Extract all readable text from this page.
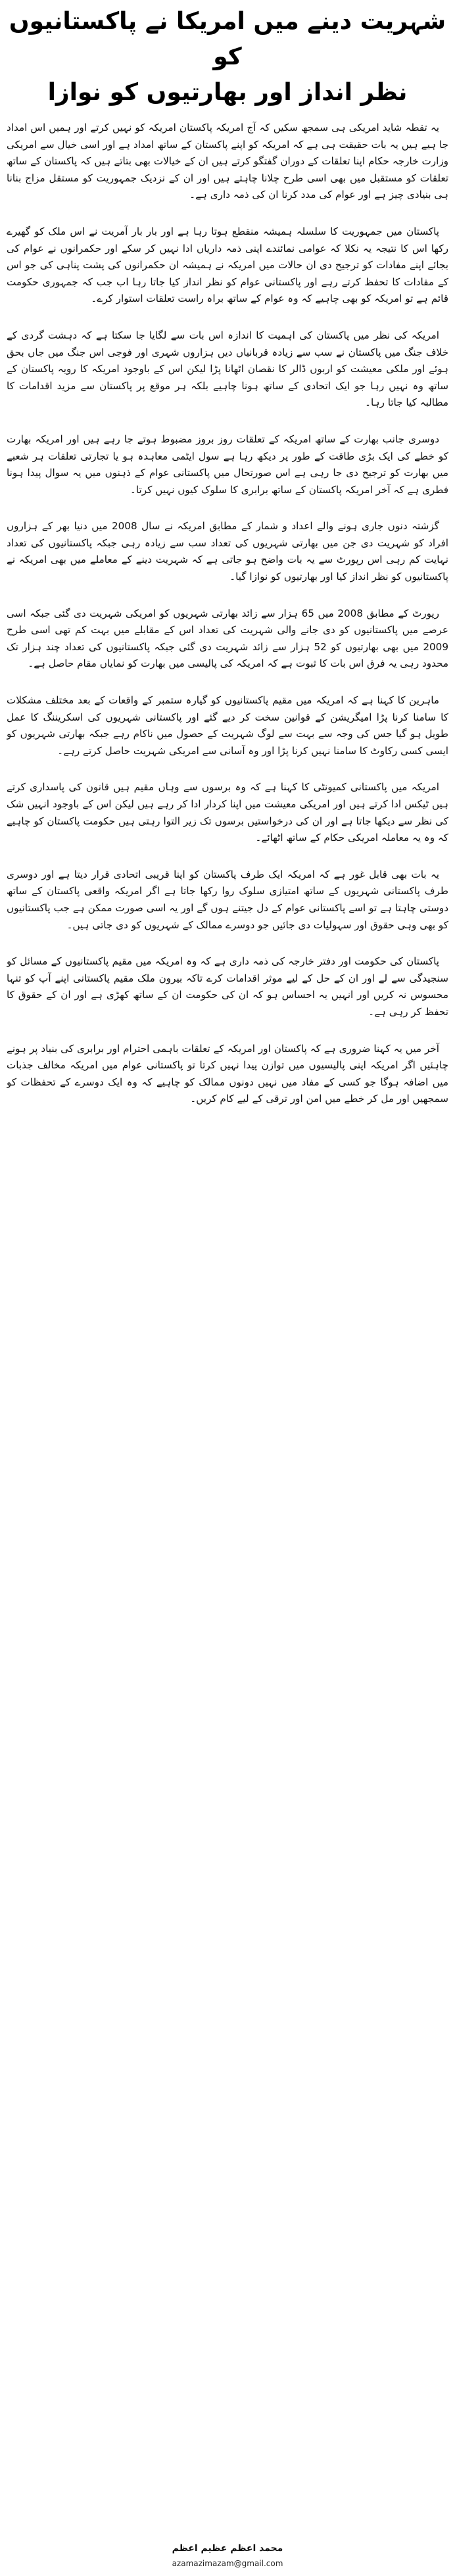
شہریت دینے میں امریکا نے پاکستانیوں کو
نظر انداز اور بھارتیوں کو نوازا

یہ تقطہ شاید امریکی ہی سمجھ سکیں کہ آج امریکہ پاکستان امریکہ کو نہیں کرتے اور ہمیں اس امداد جا ہیے ہیں یہ بات حقیقت ہی ہے کہ امریکہ کو اپنے پاکستان کے ساتھ امداد ہے اور اسی خیال سے امریکی وزارت خارجہ حکام اپنا تعلقات کے دوران گفتگو کرتے ہیں ان کے خیالات بھی بتاتے ہیں کہ پاکستان کے ساتھ تعلقات کو مستقبل میں بھی اسی طرح چلانا چاہتے ہیں اور ان کے نزدیک جمہوریت کو مستقل مزاج بنانا ہی بنیادی چیز ہے اور عوام کی مدد کرنا ان کی ذمہ داری ہے۔

پاکستان میں جمہوریت کا سلسلہ ہمیشہ منقطع ہوتا رہا ہے اور بار بار آمریت نے اس ملک کو گھیرے رکھا اس کا نتیجہ یہ نکلا کہ عوامی نمائندے اپنی ذمہ داریاں ادا نہیں کر سکے اور حکمرانوں نے عوام کی بجائے اپنے مفادات کو ترجیح دی ان حالات میں امریکہ نے ہمیشہ ان حکمرانوں کی پشت پناہی کی جو اس کے مفادات کا تحفظ کرتے رہے اور پاکستانی عوام کو نظر انداز کیا جاتا رہا اب جب کہ جمہوری حکومت قائم ہے تو امریکہ کو بھی چاہیے کہ وہ عوام کے ساتھ براہ راست تعلقات استوار کرے۔

امریکہ کی نظر میں پاکستان کی اہمیت کا اندازہ اس بات سے لگایا جا سکتا ہے کہ دہشت گردی کے خلاف جنگ میں پاکستان نے سب سے زیادہ قربانیاں دیں ہزاروں شہری اور فوجی اس جنگ میں جاں بحق ہوئے اور ملکی معیشت کو اربوں ڈالر کا نقصان اٹھانا پڑا لیکن اس کے باوجود امریکہ کا رویہ پاکستان کے ساتھ وہ نہیں رہا جو ایک اتحادی کے ساتھ ہونا چاہیے بلکہ ہر موقع پر پاکستان سے مزید اقدامات کا مطالبہ کیا جاتا رہا۔

دوسری جانب بھارت کے ساتھ امریکہ کے تعلقات روز بروز مضبوط ہوتے جا رہے ہیں اور امریکہ بھارت کو خطے کی ایک بڑی طاقت کے طور پر دیکھ رہا ہے سول ایٹمی معاہدہ ہو یا تجارتی تعلقات ہر شعبے میں بھارت کو ترجیح دی جا رہی ہے اس صورتحال میں پاکستانی عوام کے ذہنوں میں یہ سوال پیدا ہونا فطری ہے کہ آخر امریکہ پاکستان کے ساتھ برابری کا سلوک کیوں نہیں کرتا۔

گزشتہ دنوں جاری ہونے والے اعداد و شمار کے مطابق امریکہ نے سال 2008 میں دنیا بھر کے ہزاروں افراد کو شہریت دی جن میں بھارتی شہریوں کی تعداد سب سے زیادہ رہی جبکہ پاکستانیوں کی تعداد نہایت کم رہی اس رپورٹ سے یہ بات واضح ہو جاتی ہے کہ شہریت دینے کے معاملے میں بھی امریکہ نے پاکستانیوں کو نظر انداز کیا اور بھارتیوں کو نوازا گیا۔

رپورٹ کے مطابق 2008 میں 65 ہزار سے زائد بھارتی شہریوں کو امریکی شہریت دی گئی جبکہ اسی عرصے میں پاکستانیوں کو دی جانے والی شہریت کی تعداد اس کے مقابلے میں بہت کم تھی اسی طرح 2009 میں بھی بھارتیوں کو 52 ہزار سے زائد شہریت دی گئی جبکہ پاکستانیوں کی تعداد چند ہزار تک محدود رہی یہ فرق اس بات کا ثبوت ہے کہ امریکہ کی پالیسی میں بھارت کو نمایاں مقام حاصل ہے۔

ماہرین کا کہنا ہے کہ امریکہ میں مقیم پاکستانیوں کو گیارہ ستمبر کے واقعات کے بعد مختلف مشکلات کا سامنا کرنا پڑا امیگریشن کے قوانین سخت کر دیے گئے اور پاکستانی شہریوں کی اسکریننگ کا عمل طویل ہو گیا جس کی وجہ سے بہت سے لوگ شہریت کے حصول میں ناکام رہے جبکہ بھارتی شہریوں کو ایسی کسی رکاوٹ کا سامنا نہیں کرنا پڑا اور وہ آسانی سے امریکی شہریت حاصل کرتے رہے۔

امریکہ میں پاکستانی کمیونٹی کا کہنا ہے کہ وہ برسوں سے وہاں مقیم ہیں قانون کی پاسداری کرتے ہیں ٹیکس ادا کرتے ہیں اور امریکی معیشت میں اپنا کردار ادا کر رہے ہیں لیکن اس کے باوجود انہیں شک کی نظر سے دیکھا جاتا ہے اور ان کی درخواستیں برسوں تک زیر التوا رہتی ہیں حکومت پاکستان کو چاہیے کہ وہ یہ معاملہ امریکی حکام کے ساتھ اٹھائے۔

یہ بات بھی قابل غور ہے کہ امریکہ ایک طرف پاکستان کو اپنا قریبی اتحادی قرار دیتا ہے اور دوسری طرف پاکستانی شہریوں کے ساتھ امتیازی سلوک روا رکھا جاتا ہے اگر امریکہ واقعی پاکستان کے ساتھ دوستی چاہتا ہے تو اسے پاکستانی عوام کے دل جیتنے ہوں گے اور یہ اسی صورت ممکن ہے جب پاکستانیوں کو بھی وہی حقوق اور سہولیات دی جائیں جو دوسرے ممالک کے شہریوں کو دی جاتی ہیں۔

پاکستان کی حکومت اور دفتر خارجہ کی ذمہ داری ہے کہ وہ امریکہ میں مقیم پاکستانیوں کے مسائل کو سنجیدگی سے لے اور ان کے حل کے لیے موثر اقدامات کرے تاکہ بیرون ملک مقیم پاکستانی اپنے آپ کو تنہا محسوس نہ کریں اور انہیں یہ احساس ہو کہ ان کی حکومت ان کے ساتھ کھڑی ہے اور ان کے حقوق کا تحفظ کر رہی ہے۔

آخر میں یہ کہنا ضروری ہے کہ پاکستان اور امریکہ کے تعلقات باہمی احترام اور برابری کی بنیاد پر ہونے چاہئیں اگر امریکہ اپنی پالیسیوں میں توازن پیدا نہیں کرتا تو پاکستانی عوام میں امریکہ مخالف جذبات میں اضافہ ہوگا جو کسی کے مفاد میں نہیں دونوں ممالک کو چاہیے کہ وہ ایک دوسرے کے تحفظات کو سمجھیں اور مل کر خطے میں امن اور ترقی کے لیے کام کریں۔

محمد اعظم عظیم اعظم
azamazimazam@gmail.com
